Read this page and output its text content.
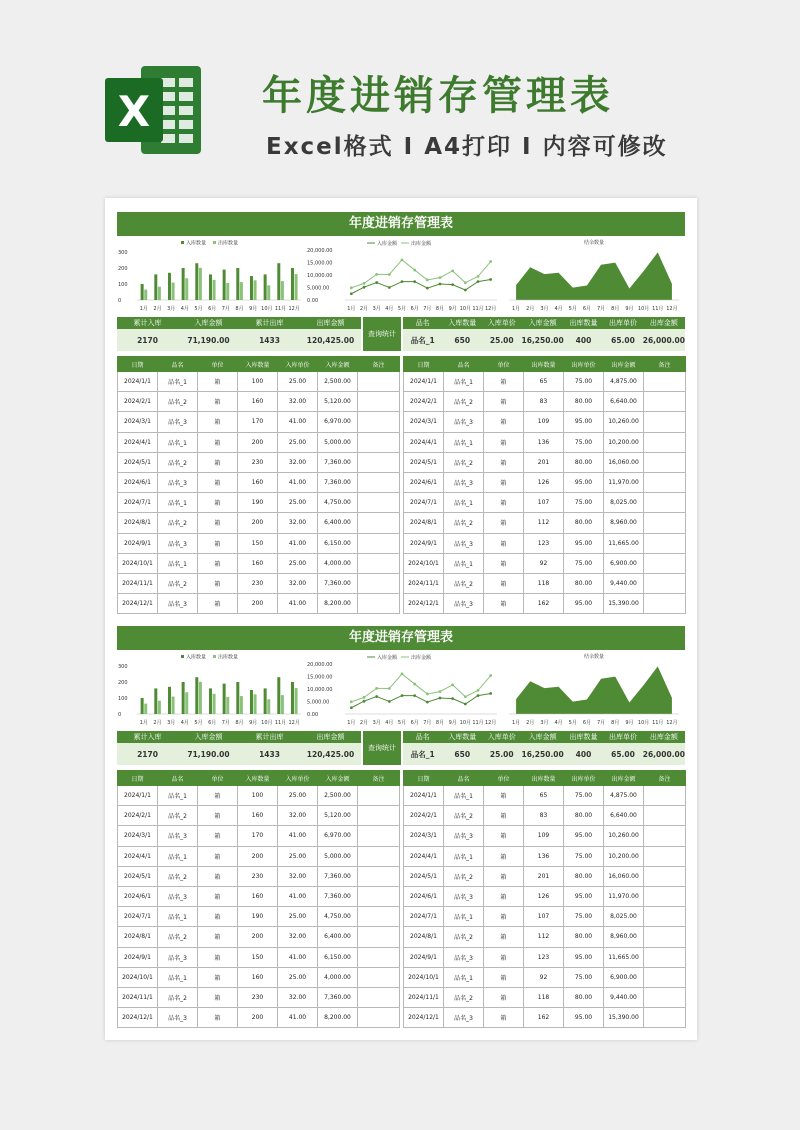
X	年度进销存管理表
Excel格式 I A4打印 I 内容可修改
年度进销存管理表
入库数量 出库数量
300
200
100
0
1月 2月 3月 4月 5月 6月 7月 8月 9月 10月 11月 12月
入库金额	出库金额
20,000.00
15,000.00
10,000.00
5,000.00
0.00
1月 2月 3月 4月 5月 6月 7月 8月 9月 10月 11月 12月
结余数量
1月 2月 3月 4月 5月 6月 7月 8月 9月 10月 11月 12月
累计入库	入库金额	累计出库	出库金额
2170	71,190.00	1433	120,425.00
查询统计
品名	入库数量	入库单价	入库金额	出库数量	出库单价	出库金额
品名_1	650	25.00	16,250.00	400	65.00	26,000.00
日期	品名	单位	入库数量	入库单价	入库金额	备注
2024/1/1	品名_1	箱	100	25.00	2,500.00	
2024/2/1	品名_2	箱	160	32.00	5,120.00	
2024/3/1	品名_3	箱	170	41.00	6,970.00	
2024/4/1	品名_1	箱	200	25.00	5,000.00	
2024/5/1	品名_2	箱	230	32.00	7,360.00	
2024/6/1	品名_3	箱	160	41.00	7,360.00	
2024/7/1	品名_1	箱	190	25.00	4,750.00	
2024/8/1	品名_2	箱	200	32.00	6,400.00	
2024/9/1	品名_3	箱	150	41.00	6,150.00	
2024/10/1	品名_1	箱	160	25.00	4,000.00	
2024/11/1	品名_2	箱	230	32.00	7,360.00	
2024/12/1	品名_3	箱	200	41.00	8,200.00	
日期	品名	单位	出库数量	出库单价	出库金额	备注
2024/1/1	品名_1	箱	65	75.00	4,875.00	
2024/2/1	品名_2	箱	83	80.00	6,640.00	
2024/3/1	品名_3	箱	109	95.00	10,260.00	
2024/4/1	品名_1	箱	136	75.00	10,200.00	
2024/5/1	品名_2	箱	201	80.00	16,060.00	
2024/6/1	品名_3	箱	126	95.00	11,970.00	
2024/7/1	品名_1	箱	107	75.00	8,025.00	
2024/8/1	品名_2	箱	112	80.00	8,960.00	
2024/9/1	品名_3	箱	123	95.00	11,665.00	
2024/10/1	品名_1	箱	92	75.00	6,900.00	
2024/11/1	品名_2	箱	118	80.00	9,440.00	
2024/12/1	品名_3	箱	162	95.00	15,390.00	
年度进销存管理表
入库数量 出库数量
300
200
100
0
1月 2月 3月 4月 5月 6月 7月 8月 9月 10月 11月 12月
入库金额	出库金额
20,000.00
15,000.00
10,000.00
5,000.00
0.00
1月 2月 3月 4月 5月 6月 7月 8月 9月 10月 11月 12月
结余数量
1月 2月 3月 4月 5月 6月 7月 8月 9月 10月 11月 12月
累计入库	入库金额	累计出库	出库金额
2170	71,190.00	1433	120,425.00
查询统计
品名	入库数量	入库单价	入库金额	出库数量	出库单价	出库金额
品名_1	650	25.00	16,250.00	400	65.00	26,000.00
日期	品名	单位	入库数量	入库单价	入库金额	备注
2024/1/1	品名_1	箱	100	25.00	2,500.00	
2024/2/1	品名_2	箱	160	32.00	5,120.00	
2024/3/1	品名_3	箱	170	41.00	6,970.00	
2024/4/1	品名_1	箱	200	25.00	5,000.00	
2024/5/1	品名_2	箱	230	32.00	7,360.00	
2024/6/1	品名_3	箱	160	41.00	7,360.00	
2024/7/1	品名_1	箱	190	25.00	4,750.00	
2024/8/1	品名_2	箱	200	32.00	6,400.00	
2024/9/1	品名_3	箱	150	41.00	6,150.00	
2024/10/1	品名_1	箱	160	25.00	4,000.00	
2024/11/1	品名_2	箱	230	32.00	7,360.00	
2024/12/1	品名_3	箱	200	41.00	8,200.00	
日期	品名	单位	出库数量	出库单价	出库金额	备注
2024/1/1	品名_1	箱	65	75.00	4,875.00	
2024/2/1	品名_2	箱	83	80.00	6,640.00	
2024/3/1	品名_3	箱	109	95.00	10,260.00	
2024/4/1	品名_1	箱	136	75.00	10,200.00	
2024/5/1	品名_2	箱	201	80.00	16,060.00	
2024/6/1	品名_3	箱	126	95.00	11,970.00	
2024/7/1	品名_1	箱	107	75.00	8,025.00	
2024/8/1	品名_2	箱	112	80.00	8,960.00	
2024/9/1	品名_3	箱	123	95.00	11,665.00	
2024/10/1	品名_1	箱	92	75.00	6,900.00	
2024/11/1	品名_2	箱	118	80.00	9,440.00	
2024/12/1	品名_3	箱	162	95.00	15,390.00	
